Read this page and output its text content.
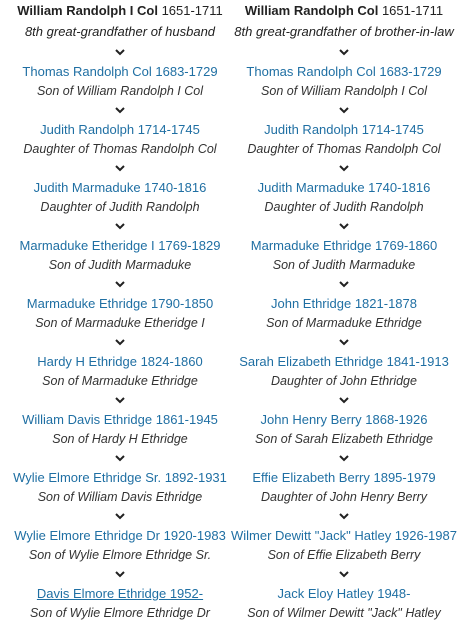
William Randolph I Col 1651-1711
8th great-grandfather of husband
Thomas Randolph Col 1683-1729
Son of William Randolph I Col
Judith Randolph 1714-1745
Daughter of Thomas Randolph Col
Judith Marmaduke 1740-1816
Daughter of Judith Randolph
Marmaduke Etheridge I 1769-1829
Son of Judith Marmaduke
Marmaduke Ethridge 1790-1850
Son of Marmaduke Etheridge I
Hardy H Ethridge 1824-1860
Son of Marmaduke Ethridge
William Davis Ethridge 1861-1945
Son of Hardy H Ethridge
Wylie Elmore Ethridge Sr. 1892-1931
Son of William Davis Ethridge
Wylie Elmore Ethridge Dr 1920-1983
Son of Wylie Elmore Ethridge Sr.
Davis Elmore Ethridge 1952-
Son of Wylie Elmore Ethridge Dr
William Randolph Col 1651-1711
8th great-grandfather of brother-in-law
Thomas Randolph Col 1683-1729
Son of William Randolph I Col
Judith Randolph 1714-1745
Daughter of Thomas Randolph Col
Judith Marmaduke 1740-1816
Daughter of Judith Randolph
Marmaduke Ethridge 1769-1860
Son of Judith Marmaduke
John Ethridge 1821-1878
Son of Marmaduke Ethridge
Sarah Elizabeth Ethridge 1841-1913
Daughter of John Ethridge
John Henry Berry 1868-1926
Son of Sarah Elizabeth Ethridge
Effie Elizabeth Berry 1895-1979
Daughter of John Henry Berry
Wilmer Dewitt "Jack" Hatley 1926-1987
Son of Effie Elizabeth Berry
Jack Eloy Hatley 1948-
Son of Wilmer Dewitt "Jack" Hatley
